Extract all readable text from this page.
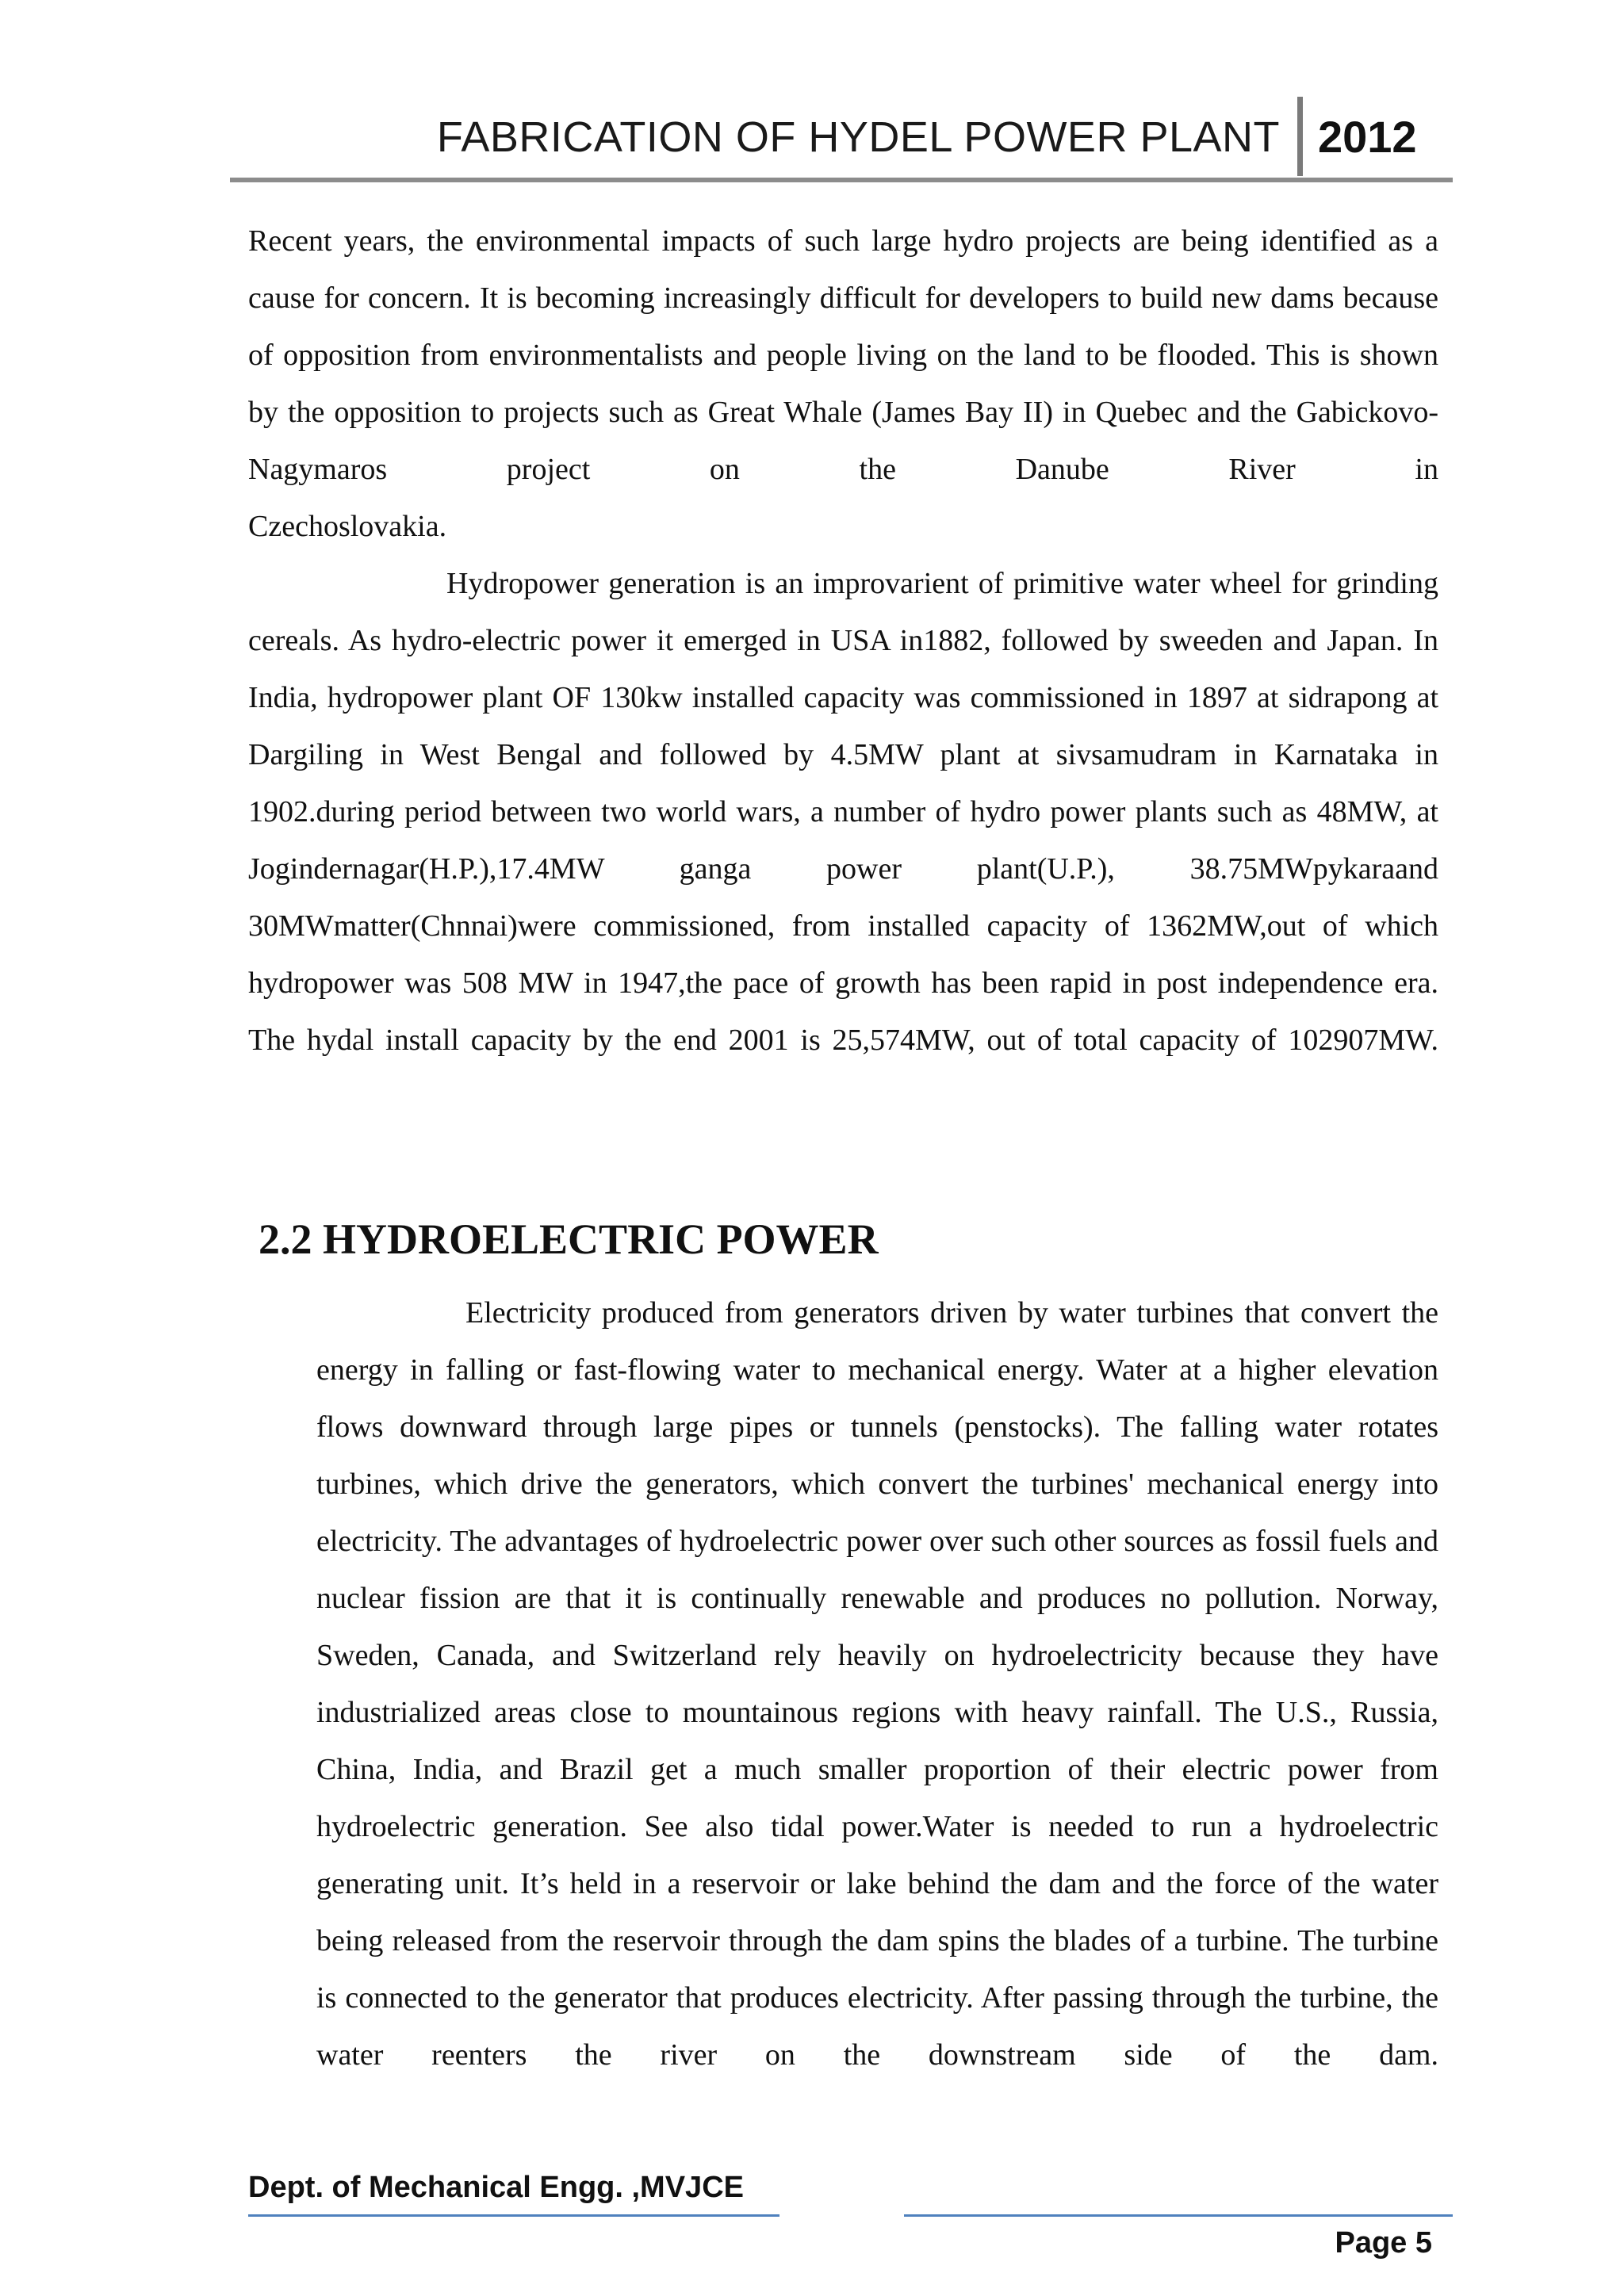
FABRICATION OF HYDEL POWER PLANT 2012

Recent years, the environmental impacts of such large hydro projects are being identified as a cause for concern. It is becoming increasingly difficult for developers to build new dams because of opposition from environmentalists and people living on the land to be flooded. This is shown by the opposition to projects such as Great Whale (James Bay II) in Quebec and the Gabickovo-Nagymaros project on the Danube River in
Czechoslovakia.

Hydropower generation is an improvarient of primitive water wheel for grinding cereals. As hydro-electric power it emerged in USA in1882, followed by sweeden and Japan. In India, hydropower plant OF 130kw installed capacity was commissioned in 1897 at sidrapong at Dargiling in West Bengal and followed by 4.5MW plant at sivsamudram in Karnataka in 1902.during period between two world wars, a number of hydro power plants such as 48MW, at Jogindernagar(H.P.),17.4MW ganga power plant(U.P.), 38.75MWpykaraand 30MWmatter(Chnnai)were commissioned, from installed capacity of 1362MW,out of which hydropower was 508 MW in 1947,the pace of growth has been rapid in post independence era. The hydal install capacity by the end 2001 is 25,574MW, out of total capacity of 102907MW.

2.2 HYDROELECTRIC POWER

Electricity produced from generators driven by water turbines that convert the energy in falling or fast-flowing water to mechanical energy. Water at a higher elevation flows downward through large pipes or tunnels (penstocks). The falling water rotates turbines, which drive the generators, which convert the turbines' mechanical energy into electricity. The advantages of hydroelectric power over such other sources as fossil fuels and nuclear fission are that it is continually renewable and produces no pollution. Norway, Sweden, Canada, and Switzerland rely heavily on hydroelectricity because they have industrialized areas close to mountainous regions with heavy rainfall. The U.S., Russia, China, India, and Brazil get a much smaller proportion of their electric power from hydroelectric generation. See also tidal power.Water is needed to run a hydroelectric generating unit. It’s held in a reservoir or lake behind the dam and the force of the water being released from the reservoir through the dam spins the blades of a turbine. The turbine is connected to the generator that produces electricity. After passing through the turbine, the water reenters the river on the downstream side of the dam.

Dept. of Mechanical Engg. ,MVJCE
Page 5
